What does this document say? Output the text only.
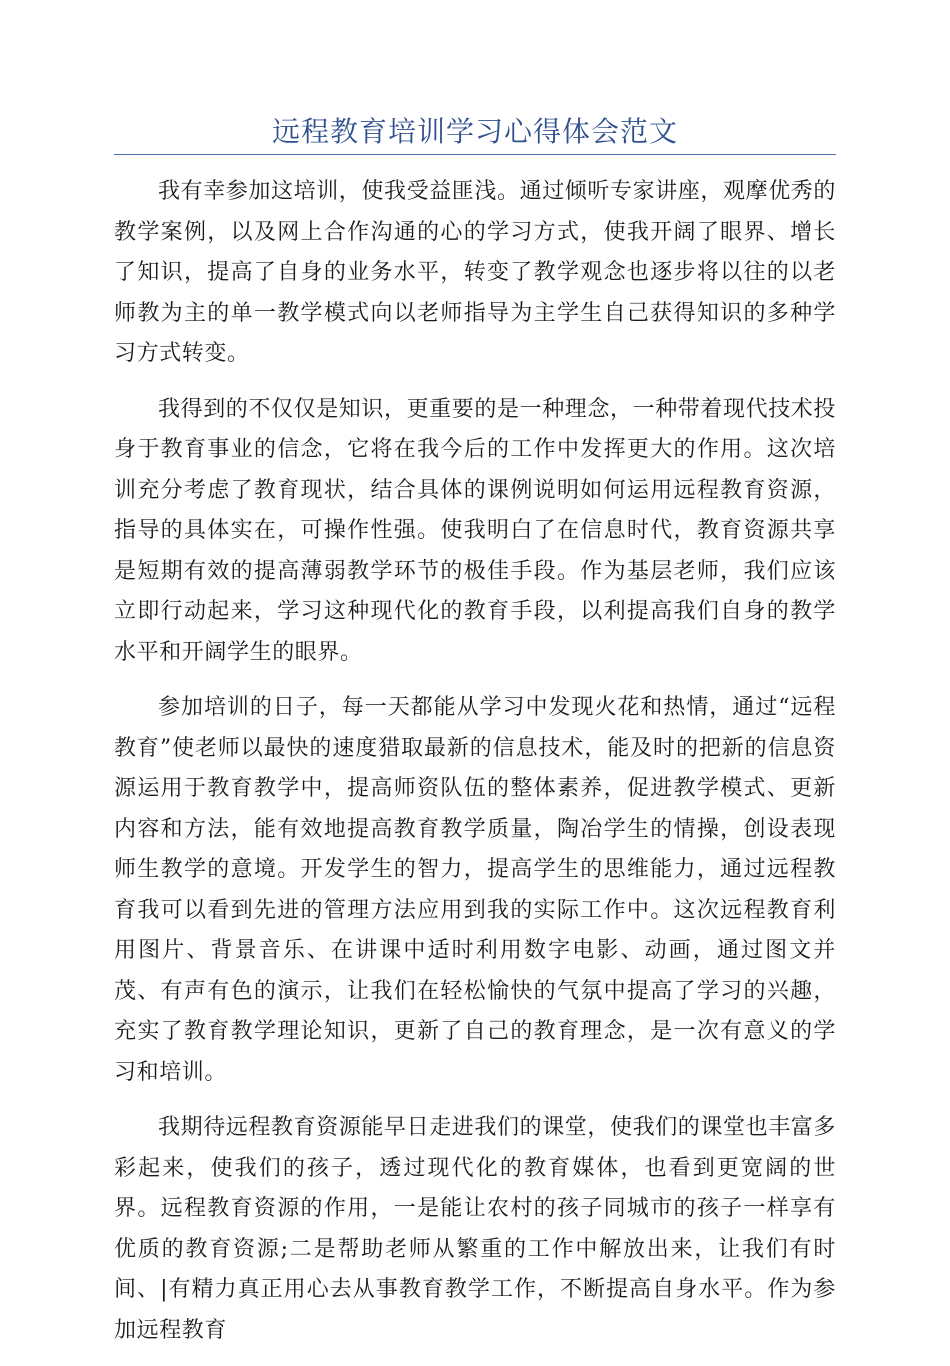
远程教育培训学习心得体会范文

我有幸参加这培训，使我受益匪浅。通过倾听专家讲座，观摩优秀的教学案例，以及网上合作沟通的心的学习方式，使我开阔了眼界、增长了知识，提高了自身的业务水平，转变了教学观念也逐步将以往的以老师教为主的单一教学模式向以老师指导为主学生自己获得知识的多种学习方式转变。

我得到的不仅仅是知识，更重要的是一种理念，一种带着现代技术投身于教育事业的信念，它将在我今后的工作中发挥更大的作用。这次培训充分考虑了教育现状，结合具体的课例说明如何运用远程教育资源，指导的具体实在，可操作性强。使我明白了在信息时代，教育资源共享是短期有效的提高薄弱教学环节的极佳手段。作为基层老师，我们应该立即行动起来，学习这种现代化的教育手段，以利提高我们自身的教学水平和开阔学生的眼界。

参加培训的日子，每一天都能从学习中发现火花和热情，通过“远程教育”使老师以最快的速度猎取最新的信息技术，能及时的把新的信息资源运用于教育教学中，提高师资队伍的整体素养，促进教学模式、更新内容和方法，能有效地提高教育教学质量，陶冶学生的情操，创设表现师生教学的意境。开发学生的智力，提高学生的思维能力，通过远程教育我可以看到先进的管理方法应用到我的实际工作中。这次远程教育利用图片、背景音乐、在讲课中适时利用数字电影、动画，通过图文并茂、有声有色的演示，让我们在轻松愉快的气氛中提高了学习的兴趣，充实了教育教学理论知识，更新了自己的教育理念，是一次有意义的学习和培训。

我期待远程教育资源能早日走进我们的课堂，使我们的课堂也丰富多彩起来，使我们的孩子，透过现代化的教育媒体，也看到更宽阔的世界。远程教育资源的作用，一是能让农村的孩子同城市的孩子一样享有优质的教育资源;二是帮助老师从繁重的工作中解放出来，让我们有时间、|有精力真正用心去从事教育教学工作，不断提高自身水平。作为参加远程教育
